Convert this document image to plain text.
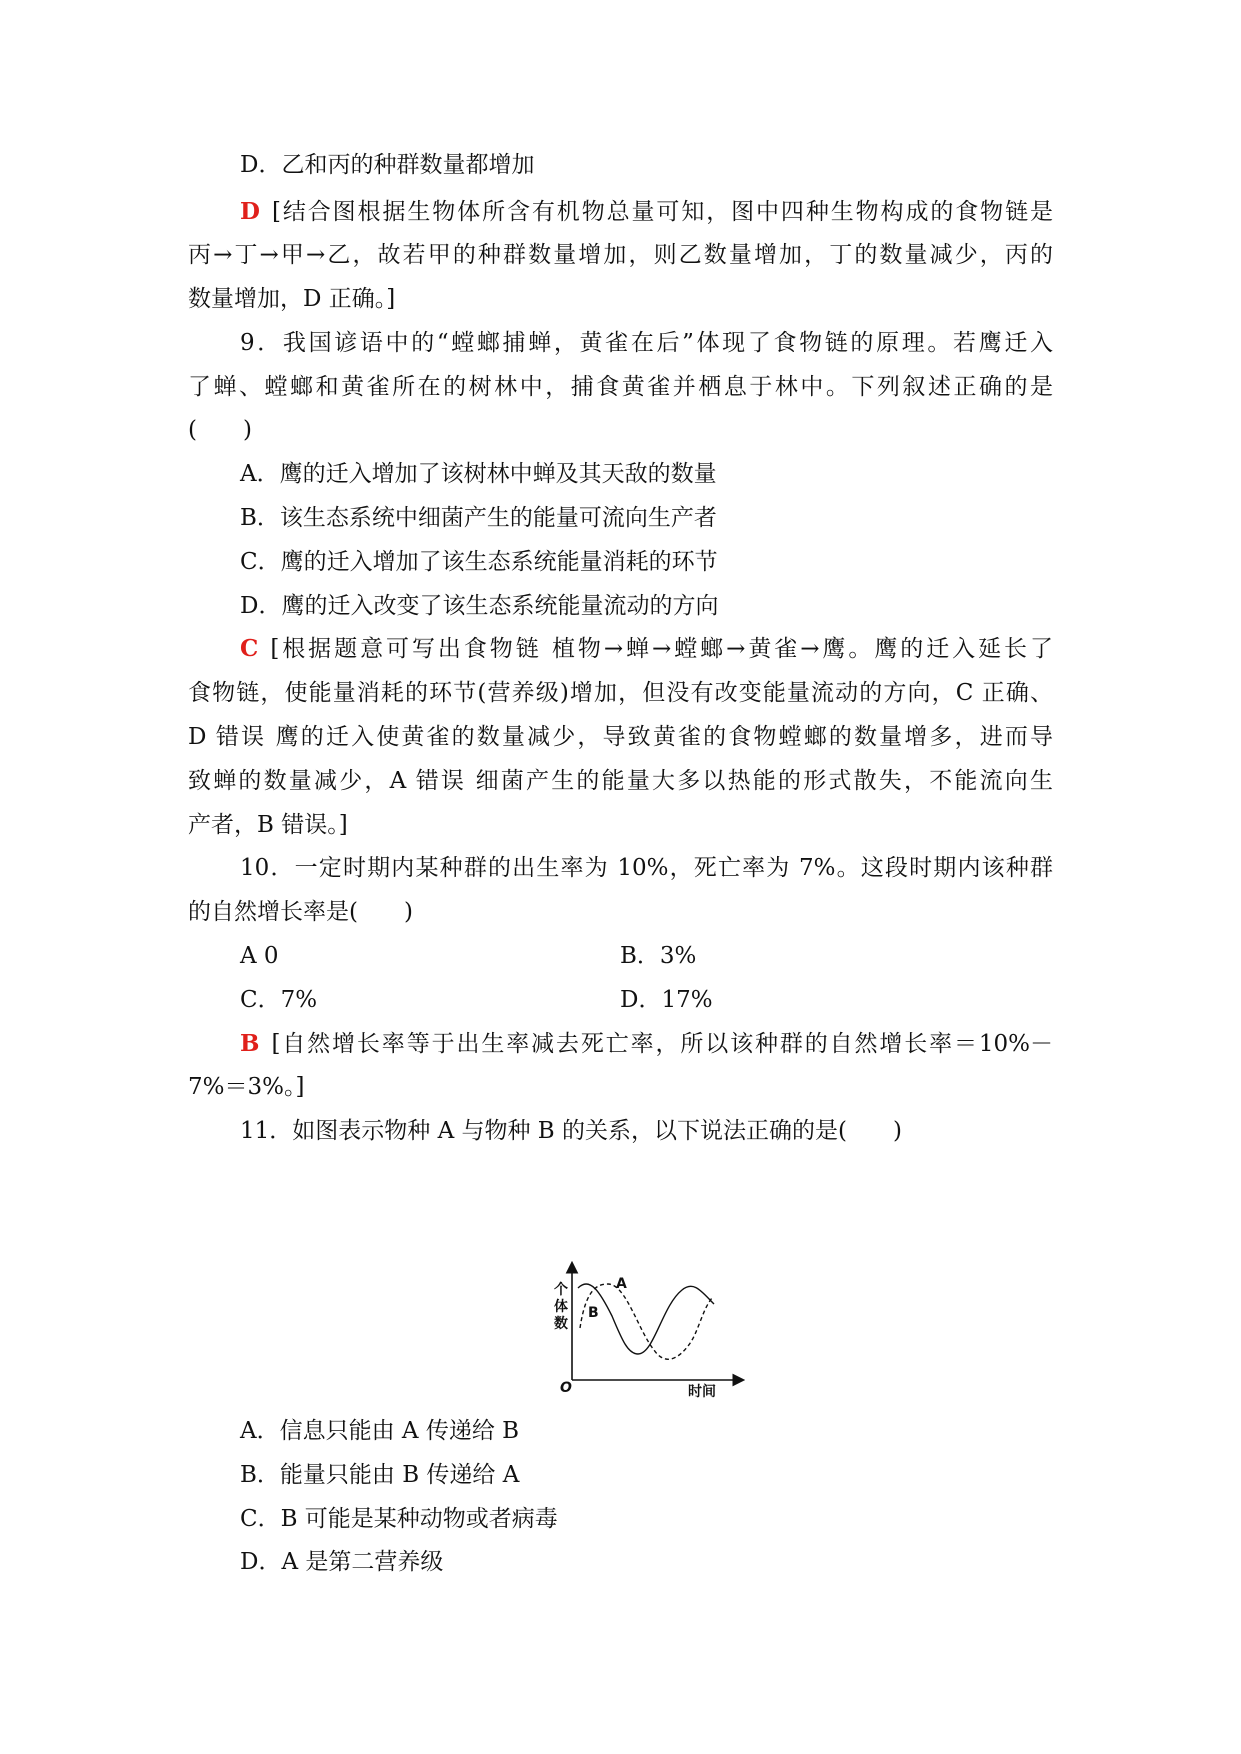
D．乙和丙的种群数量都增加
D [结合图根据生物体所含有机物总量可知，图中四种生物构成的食物链是
丙→丁→甲→乙，故若甲的种群数量增加，则乙数量增加，丁的数量减少，丙的
数量增加，D 正确。]
9．我国谚语中的“螳螂捕蝉，黄雀在后”体现了食物链的原理。若鹰迁入
了蝉、螳螂和黄雀所在的树林中，捕食黄雀并栖息于林中。下列叙述正确的是
(　　)
A．鹰的迁入增加了该树林中蝉及其天敌的数量
B．该生态系统中细菌产生的能量可流向生产者
C．鹰的迁入增加了该生态系统能量消耗的环节
D．鹰的迁入改变了该生态系统能量流动的方向
C [根据题意可写出食物链 植物→蝉→螳螂→黄雀→鹰。鹰的迁入延长了
食物链，使能量消耗的环节(营养级)增加，但没有改变能量流动的方向，C 正确、
D 错误 鹰的迁入使黄雀的数量减少，导致黄雀的食物螳螂的数量增多，进而导
致蝉的数量减少，A 错误 细菌产生的能量大多以热能的形式散失，不能流向生
产者，B 错误。]
10．一定时期内某种群的出生率为 10%，死亡率为 7%。这段时期内该种群
的自然增长率是(　　)
A 0	B．3%
C．7%	D．17%
B [自然增长率等于出生率减去死亡率，所以该种群的自然增长率＝10%－
7%＝3%。]
11．如图表示物种 A 与物种 B 的关系，以下说法正确的是(　　)
个
体
数
A
B
O	时间
A．信息只能由 A 传递给 B
B．能量只能由 B 传递给 A
C．B 可能是某种动物或者病毒
D．A 是第二营养级
